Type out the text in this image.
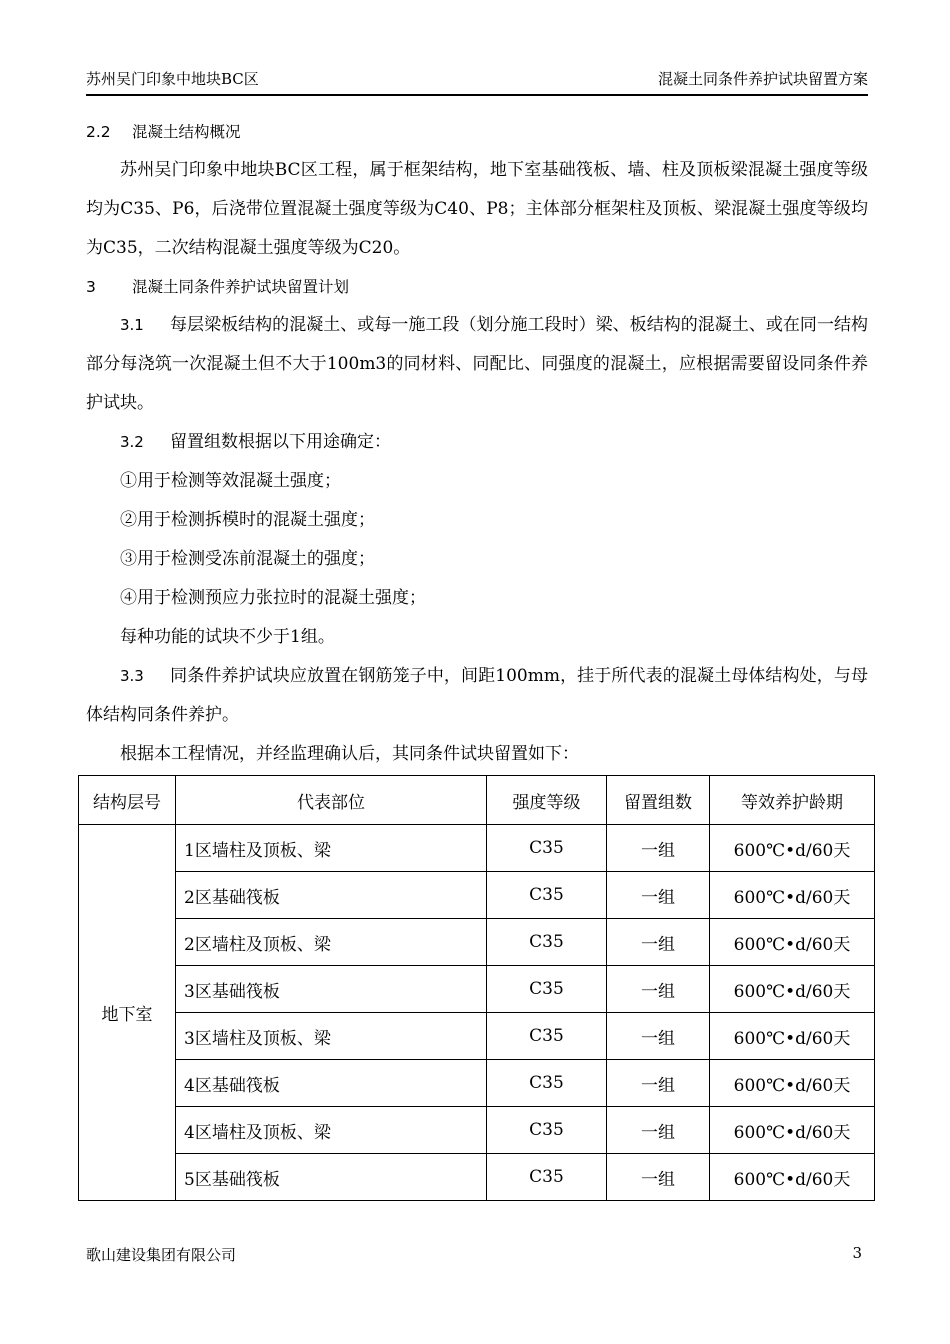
苏州吴门印象中地块BC区	混凝土同条件养护试块留置方案
2.2 混凝土结构概况

苏州吴门印象中地块BC区工程，属于框架结构，地下室基础筏板、墙、柱及顶板梁混凝土强度等级均为C35、P6，后浇带位置混凝土强度等级为C40、P8；主体部分框架柱及顶板、梁混凝土强度等级均为C35，二次结构混凝土强度等级为C20。

3 混凝土同条件养护试块留置计划

3.1 每层梁板结构的混凝土、或每一施工段（划分施工段时）梁、板结构的混凝土、或在同一结构部分每浇筑一次混凝土但不大于100m3的同材料、同配比、同强度的混凝土，应根据需要留设同条件养护试块。

3.2 留置组数根据以下用途确定：
①用于检测等效混凝土强度；
②用于检测拆模时的混凝土强度；
③用于检测受冻前混凝土的强度；
④用于检测预应力张拉时的混凝土强度；
每种功能的试块不少于1组。

3.3 同条件养护试块应放置在钢筋笼子中，间距100mm，挂于所代表的混凝土母体结构处，与母体结构同条件养护。

根据本工程情况，并经监理确认后，其同条件试块留置如下：
结构层号	代表部位	强度等级	留置组数	等效养护龄期
地下室	1区墙柱及顶板、梁	C35	一组	600℃•d/60天
	2区基础筏板	C35	一组	600℃•d/60天
	2区墙柱及顶板、梁	C35	一组	600℃•d/60天
	3区基础筏板	C35	一组	600℃•d/60天
	3区墙柱及顶板、梁	C35	一组	600℃•d/60天
	4区基础筏板	C35	一组	600℃•d/60天
	4区墙柱及顶板、梁	C35	一组	600℃•d/60天
	5区基础筏板	C35	一组	600℃•d/60天
歌山建设集团有限公司	3
